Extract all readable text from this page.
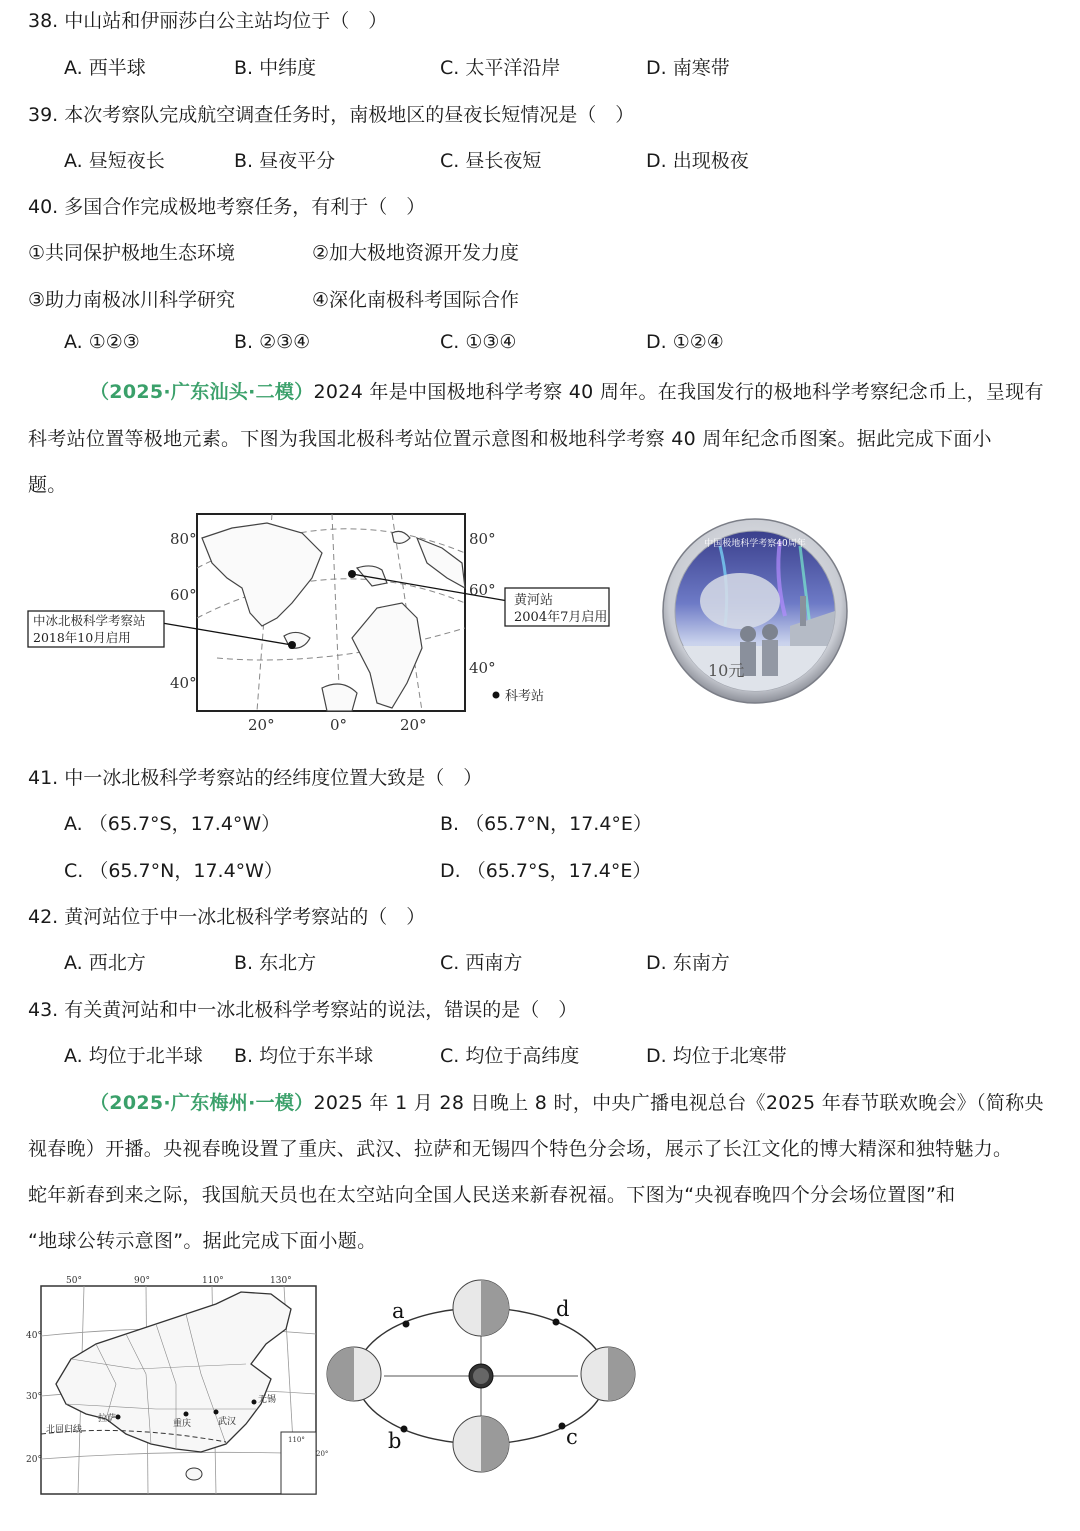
38. 中山站和伊丽莎白公主站均位于（　）
A. 西半球	B. 中纬度	C. 太平洋沿岸	D. 南寒带
39. 本次考察队完成航空调查任务时，南极地区的昼夜长短情况是（　）
A. 昼短夜长	B. 昼夜平分	C. 昼长夜短	D. 出现极夜
40. 多国合作完成极地考察任务，有利于（　）
①共同保护极地生态环境	②加大极地资源开发力度
③助力南极冰川科学研究	④深化南极科考国际合作
A. ①②③	B. ②③④	C. ①③④	D. ①②④
（2025·广东汕头·二模）2024 年是中国极地科学考察 40 周年。在我国发行的极地科学考察纪念币上，呈现有
科考站位置等极地元素。下图为我国北极科考站位置示意图和极地科学考察 40 周年纪念币图案。据此完成下面小
题。
黄河站
2004年7月启用
中冰北极科学考察站
2018年10月启用
80°
60°
40°
80°
60°
40°
20°	0°	20°
科考站
中国极地科学考察40周年
10元
41. 中一冰北极科学考察站的经纬度位置大致是（　）
A. （65.7°S，17.4°W）	B. （65.7°N，17.4°E）
C. （65.7°N，17.4°W）	D. （65.7°S，17.4°E）
42. 黄河站位于中一冰北极科学考察站的（　）
A. 西北方	B. 东北方	C. 西南方	D. 东南方
43. 有关黄河站和中一冰北极科学考察站的说法，错误的是（　）
A. 均位于北半球 B. 均位于东半球	C. 均位于高纬度	D. 均位于北寒带
（2025·广东梅州·一模）2025 年 1 月 28 日晚上 8 时，中央广播电视总台《2025 年春节联欢晚会》（简称央
视春晚）开播。央视春晚设置了重庆、武汉、拉萨和无锡四个特色分会场，展示了长江文化的博大精深和独特魅力。
蛇年新春到来之际，我国航天员也在太空站向全国人民送来新春祝福。下图为“央视春晚四个分会场位置图”和
“地球公转示意图”。据此完成下面小题。
拉萨	重庆	武汉
无锡
北回归线
50°	90°	110°	130°
40°
30°
20°
110°
20°
a	d
b	c
